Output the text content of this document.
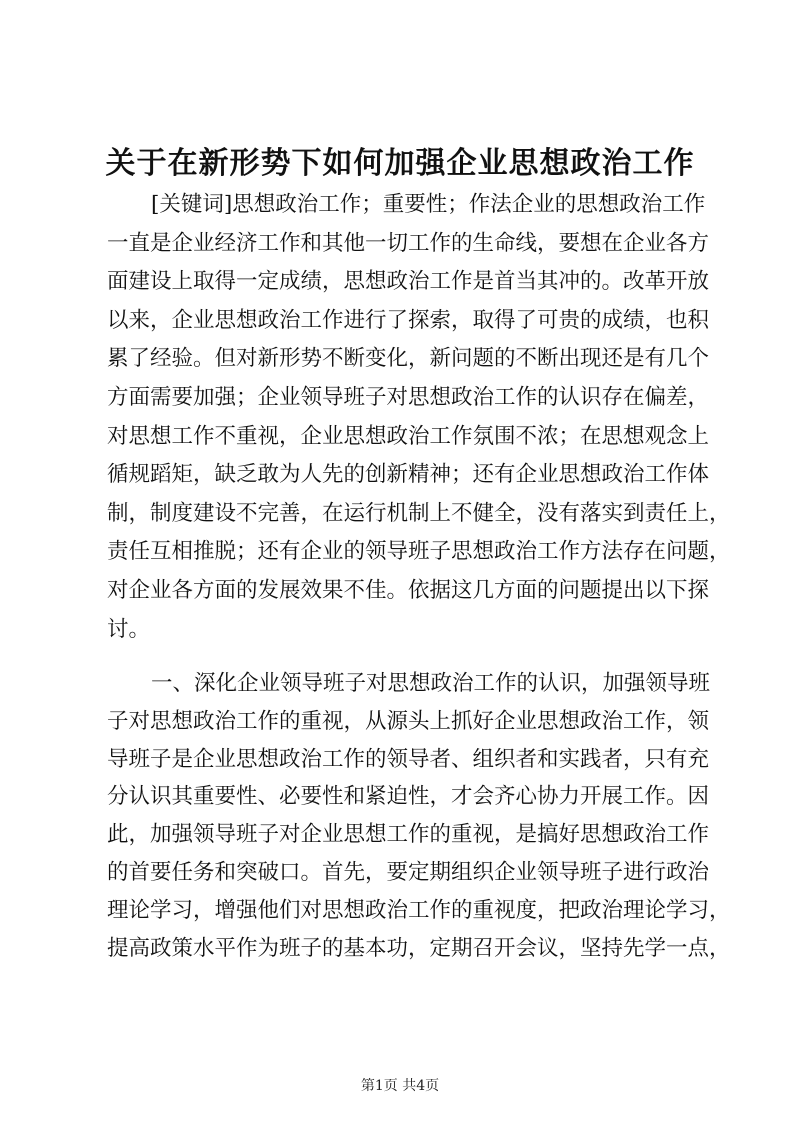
关于在新形势下如何加强企业思想政治工作
[关键词]思想政治工作；重要性；作法企业的思想政治工作
一直是企业经济工作和其他一切工作的生命线，要想在企业各方
面建设上取得一定成绩，思想政治工作是首当其冲的。改革开放
以来，企业思想政治工作进行了探索，取得了可贵的成绩，也积
累了经验。但对新形势不断变化，新问题的不断出现还是有几个
方面需要加强；企业领导班子对思想政治工作的认识存在偏差，
对思想工作不重视，企业思想政治工作氛围不浓；在思想观念上
循规蹈矩，缺乏敢为人先的创新精神；还有企业思想政治工作体
制，制度建设不完善，在运行机制上不健全，没有落实到责任上，
责任互相推脱；还有企业的领导班子思想政治工作方法存在问题，
对企业各方面的发展效果不佳。依据这几方面的问题提出以下探
讨。
一、深化企业领导班子对思想政治工作的认识，加强领导班
子对思想政治工作的重视，从源头上抓好企业思想政治工作，领
导班子是企业思想政治工作的领导者、组织者和实践者，只有充
分认识其重要性、必要性和紧迫性，才会齐心协力开展工作。因
此，加强领导班子对企业思想工作的重视，是搞好思想政治工作
的首要任务和突破口。首先，要定期组织企业领导班子进行政治
理论学习，增强他们对思想政治工作的重视度，把政治理论学习，
提高政策水平作为班子的基本功，定期召开会议，坚持先学一点，
第1页 共4页
